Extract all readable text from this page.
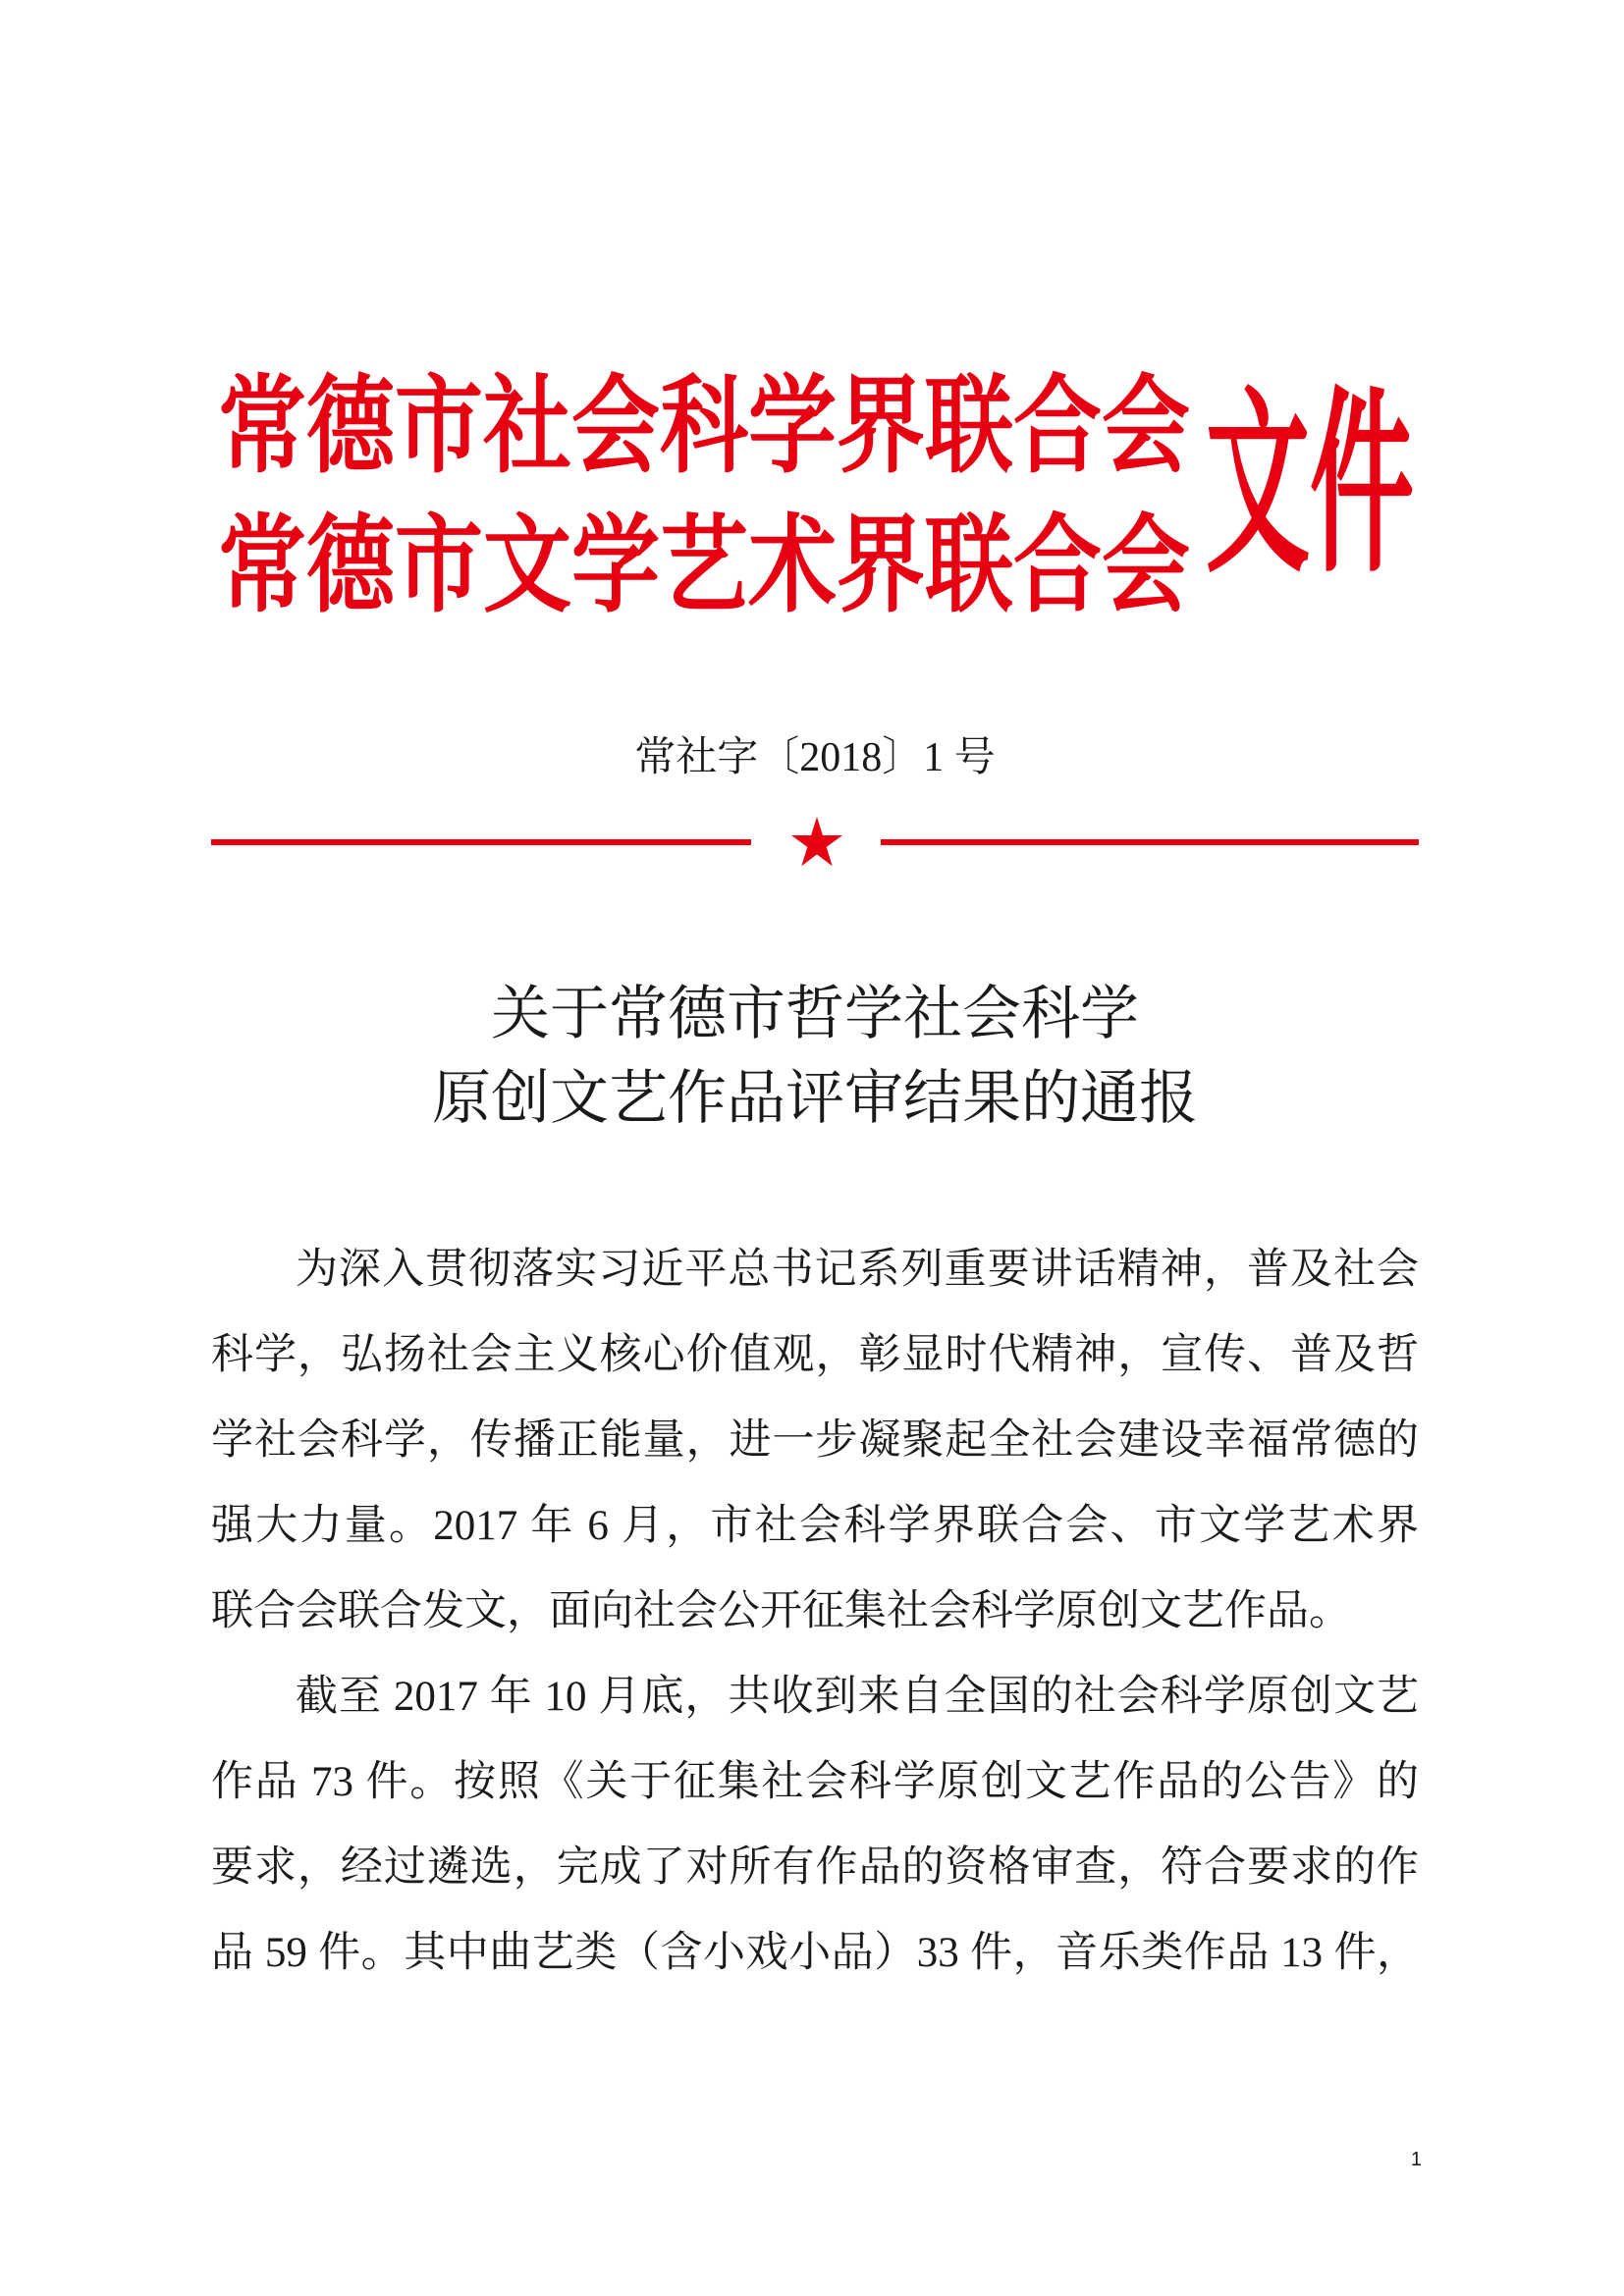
常德市社会科学界联合会
常德市文学艺术界联合会 文件
常社字〔2018〕1 号
关于常德市哲学社会科学
原创文艺作品评审结果的通报
为深入贯彻落实习近平总书记系列重要讲话精神，普及社会
科学，弘扬社会主义核心价值观，彰显时代精神，宣传、普及哲
学社会科学，传播正能量，进一步凝聚起全社会建设幸福常德的
强大力量。2017 年 6 月，市社会科学界联合会、市文学艺术界
联合会联合发文，面向社会公开征集社会科学原创文艺作品。
截至 2017 年 10 月底，共收到来自全国的社会科学原创文艺
作品 73 件。按照《关于征集社会科学原创文艺作品的公告》的
要求，经过遴选，完成了对所有作品的资格审查，符合要求的作
品 59 件。其中曲艺类（含小戏小品）33 件，音乐类作品 13 件，
1
